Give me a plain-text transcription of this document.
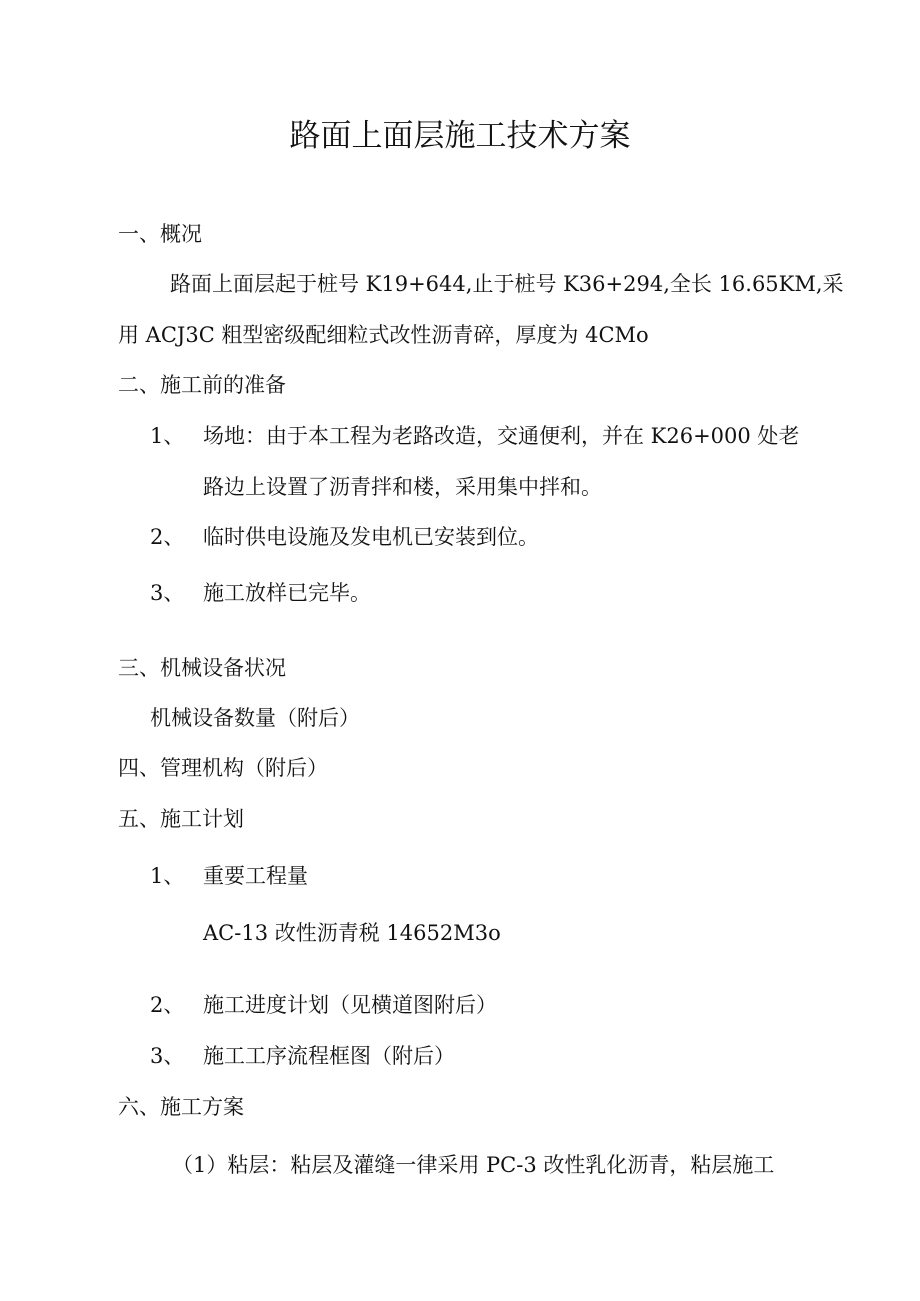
路面上面层施工技术方案
一、概况
路面上面层起于桩号 K19+644,止于桩号 K36+294,全长 16.65KM,采
用 ACJ3C 粗型密级配细粒式改性沥青碎，厚度为 4CMo
二、施工前的准备
1、 场地：由于本工程为老路改造，交通便利，并在 K26+000 处老
路边上设置了沥青拌和楼，采用集中拌和。
2、 临时供电设施及发电机已安装到位。
3、 施工放样已完毕。
三、机械设备状况
机械设备数量（附后）
四、管理机构（附后）
五、施工计划
1、 重要工程量
AC-13 改性沥青税 14652M3o
2、 施工进度计划（见横道图附后）
3、 施工工序流程框图（附后）
六、施工方案
（1）粘层：粘层及灌缝一律采用 PC-3 改性乳化沥青，粘层施工
